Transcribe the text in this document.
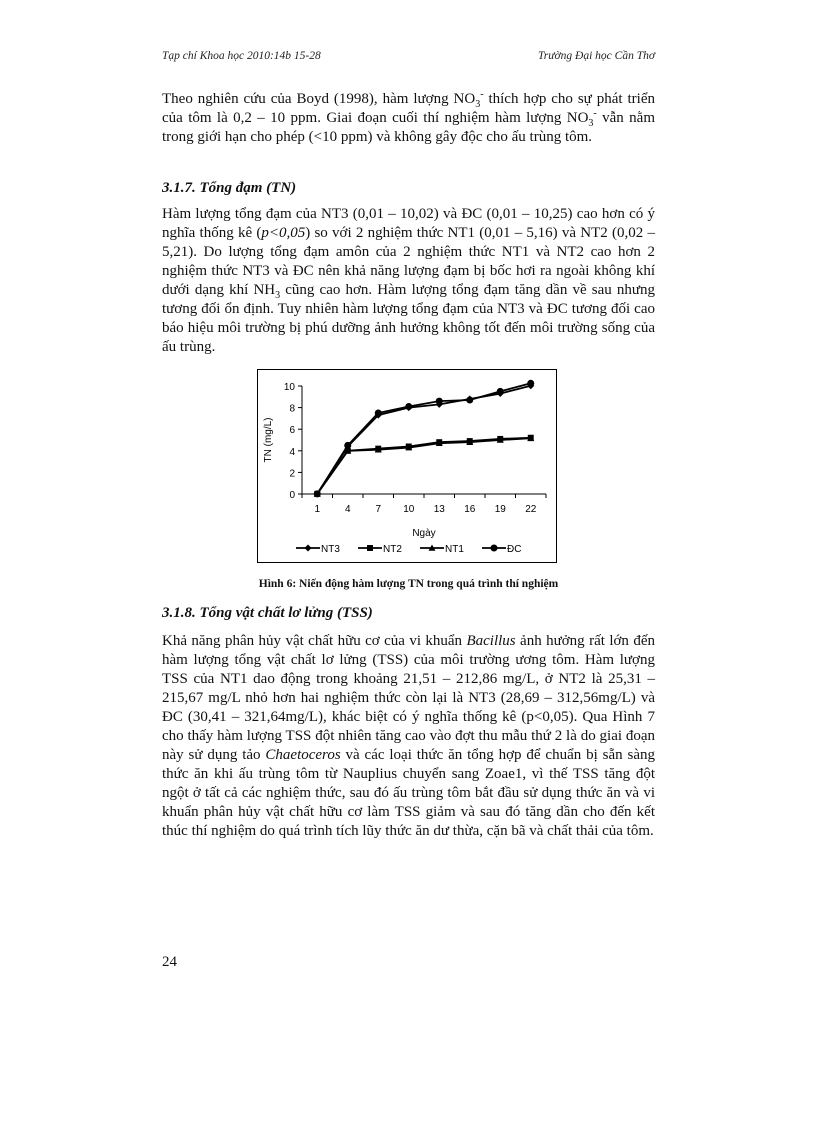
Tạp chí Khoa học 2010:14b 15-28	Trường Đại học Cần Thơ

Theo nghiên cứu của Boyd (1998), hàm lượng $NO_3^-$ thích hợp cho sự phát triển của tôm là 0,2 – 10 ppm. Giai đoạn cuối thí nghiệm hàm lượng $NO_3^-$ vẫn nằm trong giới hạn cho phép (<10 ppm) và không gây độc cho ấu trùng tôm.

3.1.7. Tổng đạm (TN)

Hàm lượng tổng đạm của NT3 (0,01 – 10,02) và ĐC (0,01 – 10,25) cao hơn có ý nghĩa thống kê (p<0,05) so với 2 nghiệm thức NT1 (0,01 – 5,16) và NT2 (0,02 – 5,21). Do lượng tổng đạm amôn của 2 nghiệm thức NT1 và NT2 cao hơn 2 nghiệm thức NT3 và ĐC nên khả năng lượng đạm bị bốc hơi ra ngoài không khí dưới dạng khí $NH_3$ cũng cao hơn. Hàm lượng tổng đạm tăng dần về sau nhưng tương đối ổn định. Tuy nhiên hàm lượng tổng đạm của NT3 và ĐC tương đối cao báo hiệu môi trường bị phú dưỡng ảnh hưởng không tốt đến môi trường sống của ấu trùng.

0
2
4
6
8
10
1 4 7 10 13 16 19 22
Ngày
TN (mg/L)
NT3	NT2	NT1	ĐC
Hình 6: Niến động hàm lượng TN trong quá trình thí nghiệm
3.1.8. Tổng vật chất lơ lửng (TSS)

Khả năng phân hủy vật chất hữu cơ của vi khuẩn Bacillus ảnh hưởng rất lớn đến hàm lượng tổng vật chất lơ lửng (TSS) của môi trường ương tôm. Hàm lượng TSS của NT1 dao động trong khoảng 21,51 – 212,86 mg/L, ở NT2 là 25,31 – 215,67 mg/L nhỏ hơn hai nghiệm thức còn lại là NT3 (28,69 – 312,56mg/L) và ĐC (30,41 – 321,64mg/L), khác biệt có ý nghĩa thống kê (p<0,05). Qua Hình 7 cho thấy hàm lượng TSS đột nhiên tăng cao vào đợt thu mẫu thứ 2 là do giai đoạn này sử dụng tảo Chaetoceros và các loại thức ăn tổng hợp để chuẩn bị sẵn sàng thức ăn khi ấu trùng tôm từ Nauplius chuyển sang Zoae1, vì thế TSS tăng đột ngột ở tất cả các nghiệm thức, sau đó ấu trùng tôm bắt đầu sử dụng thức ăn và vi khuẩn phân hủy vật chất hữu cơ làm TSS giảm và sau đó tăng dần cho đến kết thúc thí nghiệm do quá trình tích lũy thức ăn dư thừa, cặn bã và chất thải của tôm.

24
